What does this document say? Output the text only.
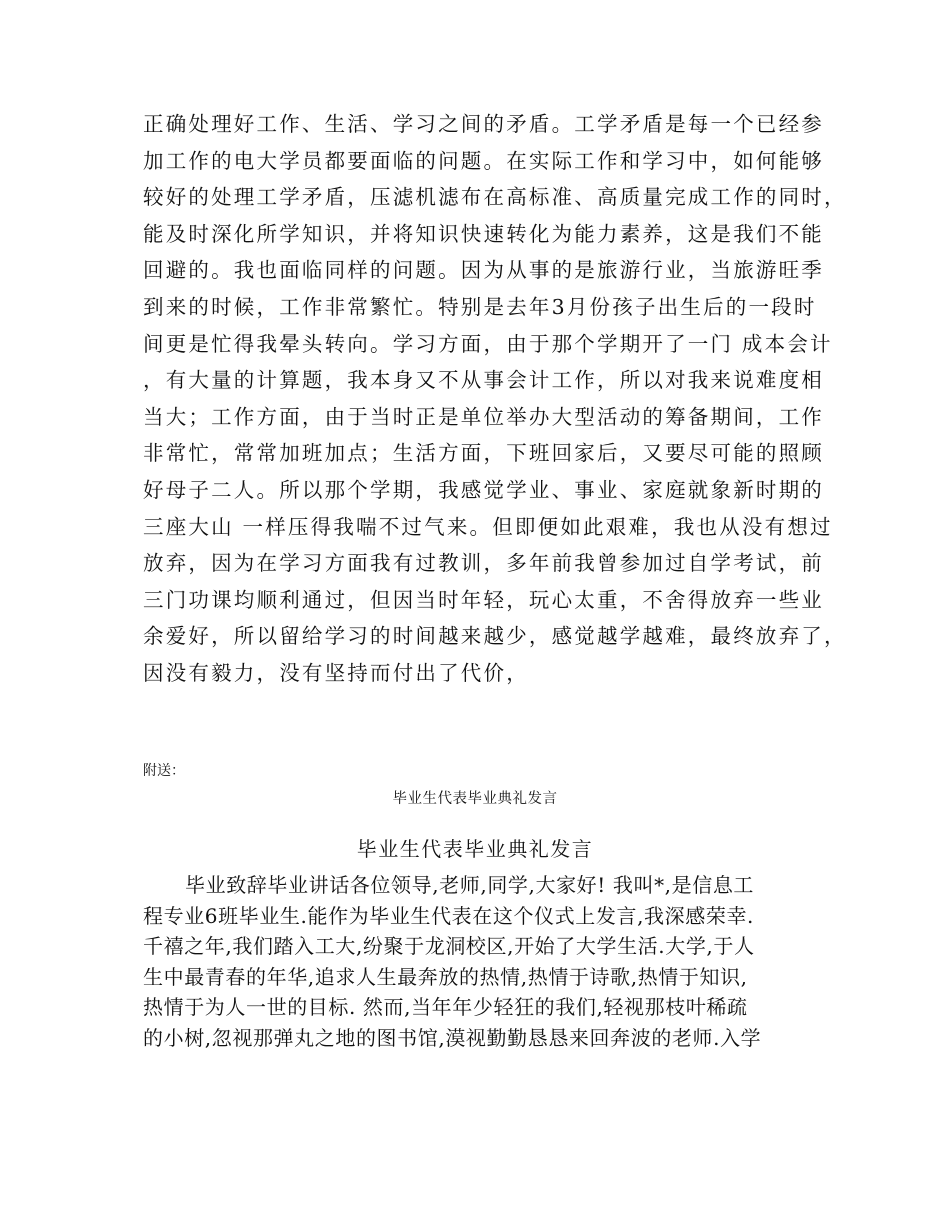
正确处理好工作、生活、学习之间的矛盾。工学矛盾是每一个已经参
加工作的电大学员都要面临的问题。在实际工作和学习中，如何能够
较好的处理工学矛盾，压滤机滤布在高标准、高质量完成工作的同时，
能及时深化所学知识，并将知识快速转化为能力素养，这是我们不能
回避的。我也面临同样的问题。因为从事的是旅游行业，当旅游旺季
到来的时候，工作非常繁忙。特别是去年3月份孩子出生后的一段时
间更是忙得我晕头转向。学习方面，由于那个学期开了一门 成本会计
，有大量的计算题，我本身又不从事会计工作，所以对我来说难度相
当大；工作方面，由于当时正是单位举办大型活动的筹备期间，工作
非常忙，常常加班加点；生活方面，下班回家后，又要尽可能的照顾
好母子二人。所以那个学期，我感觉学业、事业、家庭就象新时期的
三座大山 一样压得我喘不过气来。但即便如此艰难，我也从没有想过
放弃，因为在学习方面我有过教训，多年前我曾参加过自学考试，前
三门功课均顺利通过，但因当时年轻，玩心太重，不舍得放弃一些业
余爱好，所以留给学习的时间越来越少，感觉越学越难，最终放弃了，
因没有毅力，没有坚持而付出了代价，
附送：
毕业生代表毕业典礼发言
毕业生代表毕业典礼发言
毕业致辞毕业讲话各位领导,老师,同学,大家好! 我叫*,是信息工
程专业6班毕业生.能作为毕业生代表在这个仪式上发言,我深感荣幸.
千禧之年,我们踏入工大,纷聚于龙洞校区,开始了大学生活.大学,于人
生中最青春的年华,追求人生最奔放的热情,热情于诗歌,热情于知识,
热情于为人一世的目标. 然而,当年年少轻狂的我们,轻视那枝叶稀疏
的小树,忽视那弹丸之地的图书馆,漠视勤勤恳恳来回奔波的老师.入学
